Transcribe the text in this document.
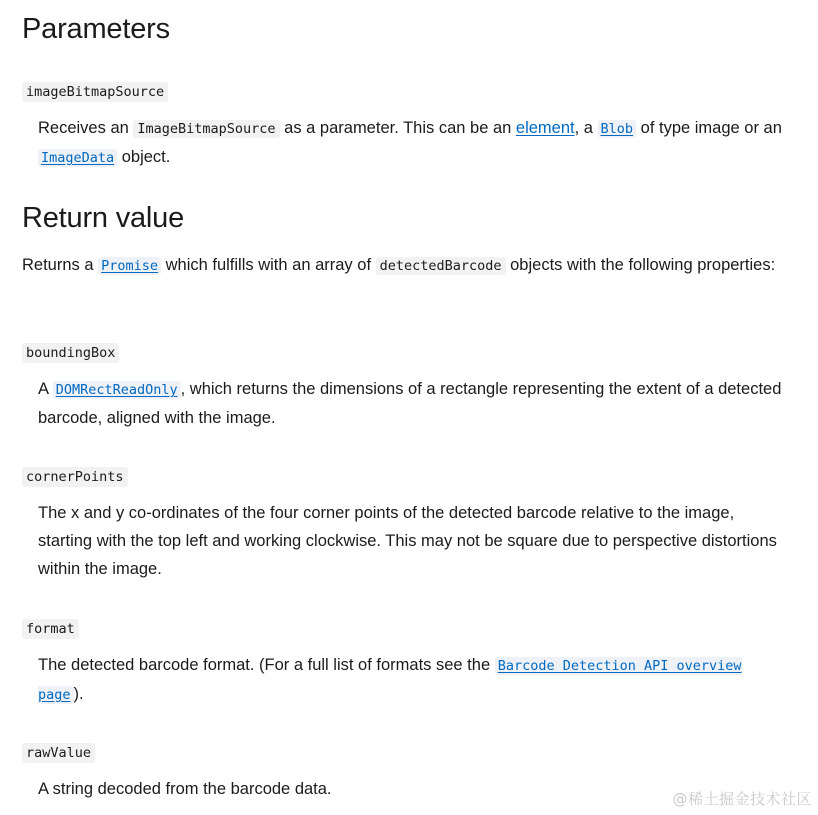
Parameters
imageBitmapSource
Receives an ImageBitmapSource as a parameter. This can be an element, a Blob of type image or an ImageData object.
Return value
Returns a Promise which fulfills with an array of detectedBarcode objects with the following properties:
boundingBox
A DOMRectReadOnly , which returns the dimensions of a rectangle representing the extent of a detected barcode, aligned with the image.
cornerPoints
The x and y co-ordinates of the four corner points of the detected barcode relative to the image, starting with the top left and working clockwise. This may not be square due to perspective distortions within the image.
format
The detected barcode format. (For a full list of formats see the Barcode Detection API overview page ).
rawValue
A string decoded from the barcode data.
@稀土掘金技术社区
